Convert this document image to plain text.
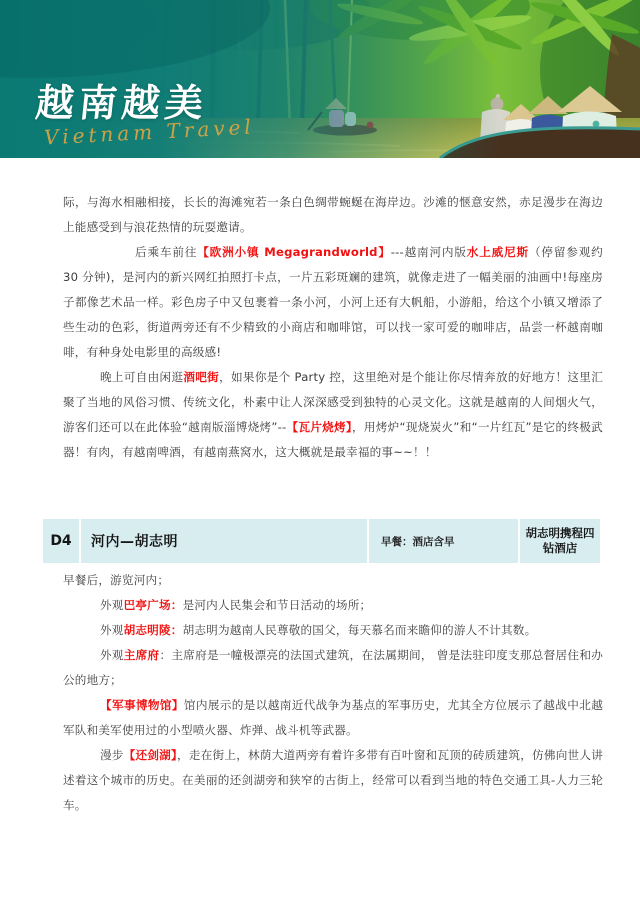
越南越美
Vietnam Travel

际，与海水相融相接，长长的海滩宛若一条白色绸带蜿蜒在海岸边。沙滩的惬意安然，赤足漫步在海边上能感受到与浪花热情的玩耍邀请。

后乘车前往【欧洲小镇 Megagrandworld】---越南河内版水上威尼斯（停留参观约 30 分钟)，是河内的新兴网红拍照打卡点，一片五彩斑斓的建筑，就像走进了一幅美丽的油画中!每座房子都像艺术品一样。彩色房子中又包裹着一条小河，小河上还有大帆船，小游船，给这个小镇又增添了些生动的色彩，街道两旁还有不少精致的小商店和咖啡馆，可以找一家可爱的咖啡店，品尝一杯越南咖啡，有种身处电影里的高级感!

晚上可自由闲逛酒吧街，如果你是个 Party 控，这里绝对是个能让你尽情奔放的好地方！这里汇聚了当地的风俗习惯、传统文化，朴素中让人深深感受到独特的心灵文化。这就是越南的人间烟火气，游客们还可以在此体验“越南版淄博烧烤”--【瓦片烧烤】，用烤炉“现烧炭火”和“一片红瓦”是它的终极武器！有肉，有越南啤酒，有越南燕窝水，这大概就是最幸福的事~~！！

D4	河内—胡志明	早餐：酒店含早
胡志明携程四钻酒店

早餐后，游览河内；

外观巴亭广场：是河内人民集会和节日活动的场所；

外观胡志明陵：胡志明为越南人民尊敬的国父，每天慕名而来瞻仰的游人不计其数。

外观主席府：主席府是一幢极漂亮的法国式建筑，在法属期间， 曾是法驻印度支那总督居住和办公的地方；

【军事博物馆】馆内展示的是以越南近代战争为基点的军事历史，尤其全方位展示了越战中北越军队和美军使用过的小型喷火器、炸弹、战斗机等武器。

漫步【还剑湖】，走在街上，林荫大道两旁有着许多带有百叶窗和瓦顶的砖质建筑，仿佛向世人讲述着这个城市的历史。在美丽的还剑湖旁和狭窄的古街上，经常可以看到当地的特色交通工具-人力三轮车。
